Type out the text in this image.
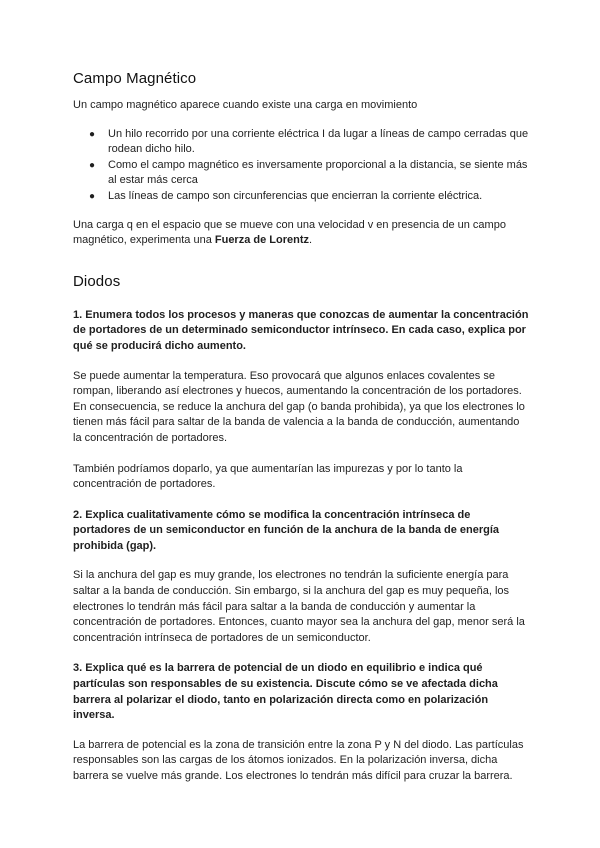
Campo Magnético

Un campo magnético aparece cuando existe una carga en movimiento

● Un hilo recorrido por una corriente eléctrica I da lugar a líneas de campo cerradas que rodean dicho hilo.
● Como el campo magnético es inversamente proporcional a la distancia, se siente más al estar más cerca
● Las líneas de campo son circunferencias que encierran la corriente eléctrica.

Una carga q en el espacio que se mueve con una velocidad v en presencia de un campo magnético, experimenta una Fuerza de Lorentz.

Diodos

1. Enumera todos los procesos y maneras que conozcas de aumentar la concentración de portadores de un determinado semiconductor intrínseco. En cada caso, explica por qué se producirá dicho aumento.

Se puede aumentar la temperatura. Eso provocará que algunos enlaces covalentes se rompan, liberando así electrones y huecos, aumentando la concentración de los portadores. En consecuencia, se reduce la anchura del gap (o banda prohibida), ya que los electrones lo tienen más fácil para saltar de la banda de valencia a la banda de conducción, aumentando la concentración de portadores.

También podríamos doparlo, ya que aumentarían las impurezas y por lo tanto la concentración de portadores.

2. Explica cualitativamente cómo se modifica la concentración intrínseca de portadores de un semiconductor en función de la anchura de la banda de energía prohibida (gap).

Si la anchura del gap es muy grande, los electrones no tendrán la suficiente energía para saltar a la banda de conducción. Sin embargo, si la anchura del gap es muy pequeña, los electrones lo tendrán más fácil para saltar a la banda de conducción y aumentar la concentración de portadores. Entonces, cuanto mayor sea la anchura del gap, menor será la concentración intrínseca de portadores de un semiconductor.

3. Explica qué es la barrera de potencial de un diodo en equilibrio e indica qué partículas son responsables de su existencia. Discute cómo se ve afectada dicha barrera al polarizar el diodo, tanto en polarización directa como en polarización inversa.

La barrera de potencial es la zona de transición entre la zona P y N del diodo. Las partículas responsables son las cargas de los átomos ionizados. En la polarización inversa, dicha barrera se vuelve más grande. Los electrones lo tendrán más difícil para cruzar la barrera.
